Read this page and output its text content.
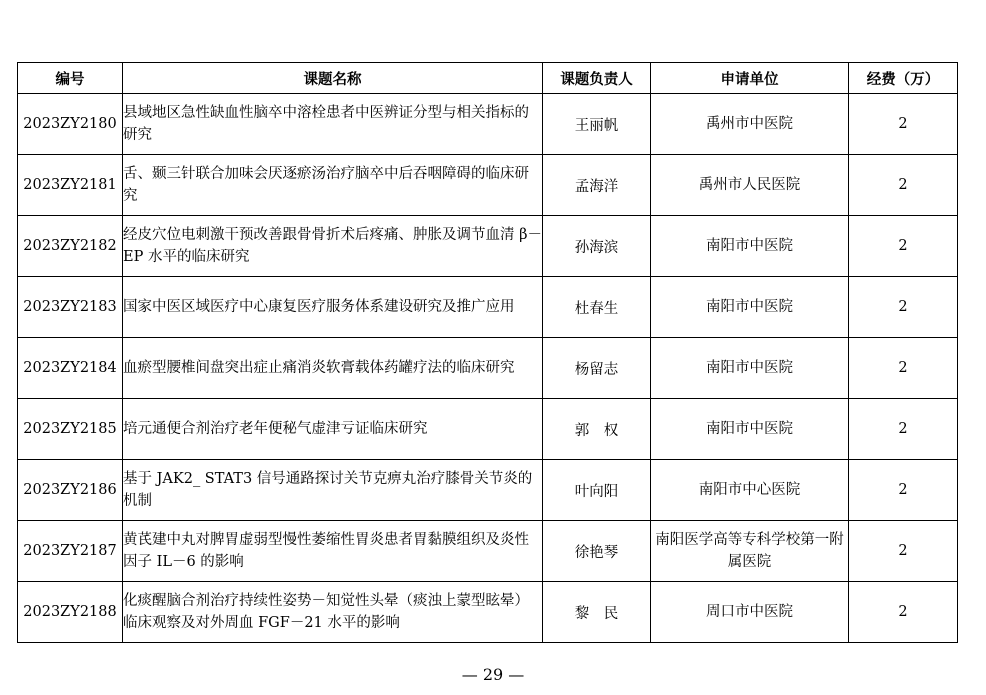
编号	课题名称	课题负责人	申请单位	经费（万）
2023ZY2180	县域地区急性缺血性脑卒中溶栓患者中医辨证分型与相关指标的研究	王丽帆	禹州市中医院	2
2023ZY2181	舌、颞三针联合加味会厌逐瘀汤治疗脑卒中后吞咽障碍的临床研究	孟海洋	禹州市人民医院	2
2023ZY2182	经皮穴位电刺激干预改善跟骨骨折术后疼痛、肿胀及调节血清 β－EP 水平的临床研究	孙海滨	南阳市中医院	2
2023ZY2183	国家中医区域医疗中心康复医疗服务体系建设研究及推广应用	杜春生	南阳市中医院	2
2023ZY2184	血瘀型腰椎间盘突出症止痛消炎软膏载体药罐疗法的临床研究	杨留志	南阳市中医院	2
2023ZY2185	培元通便合剂治疗老年便秘气虚津亏证临床研究	郭　权	南阳市中医院	2
2023ZY2186	基于 JAK2_ STAT3 信号通路探讨关节克痹丸治疗膝骨关节炎的机制	叶向阳	南阳市中心医院	2
2023ZY2187	黄芪建中丸对脾胃虚弱型慢性萎缩性胃炎患者胃黏膜组织及炎性因子 IL－6 的影响	徐艳琴	南阳医学高等专科学校第一附属医院	2
2023ZY2188	化痰醒脑合剂治疗持续性姿势－知觉性头晕（痰浊上蒙型眩晕）临床观察及对外周血 FGF－21 水平的影响	黎　民	周口市中医院	2
— 29 —
